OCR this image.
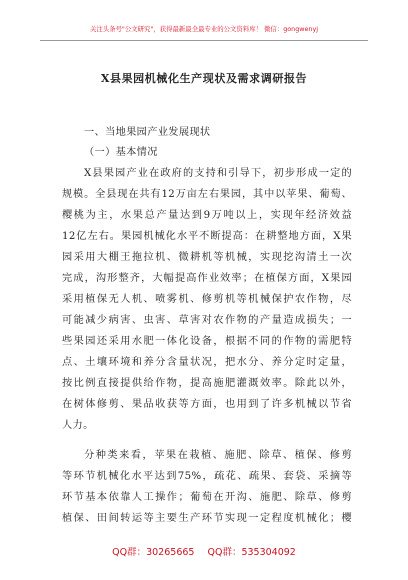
关注头条号"公文研究"，获得最新最全最专业的公文资料库！ 微信：gongwenyj
X县果园机械化生产现状及需求调研报告
一、当地果园产业发展现状
（一）基本情况
X县果园产业在政府的支持和引导下，初步形成一定的
规模。全县现在共有12万亩左右果园，其中以苹果、葡萄、
樱桃为主，水果总产量达到9万吨以上，实现年经济效益
12亿左右。果园机械化水平不断提高：在耕整地方面，X果
园采用大棚王拖拉机、微耕机等机械，实现挖沟清土一次
完成，沟形整齐，大幅提高作业效率；在植保方面，X果园
采用植保无人机、喷雾机、修剪机等机械保护农作物，尽
可能减少病害、虫害、草害对农作物的产量造成损失；一
些果园还采用水肥一体化设备，根据不同的作物的需肥特
点、土壤环境和养分含量状况，把水分、养分定时定量，
按比例直接提供给作物，提高施肥灌溉效率。除此以外，
在树体修剪、果品收获等方面，也用到了许多机械以节省
人力。
分种类来看，苹果在栽植、施肥、除草、植保、修剪
等环节机械化水平达到75%，疏花、疏果、套袋、采摘等
环节基本依靠人工操作；葡萄在开沟、施肥、除草、修剪
植保、田间转运等主要生产环节实现一定程度机械化；樱
QQ群：30265665 QQ群：535304092
